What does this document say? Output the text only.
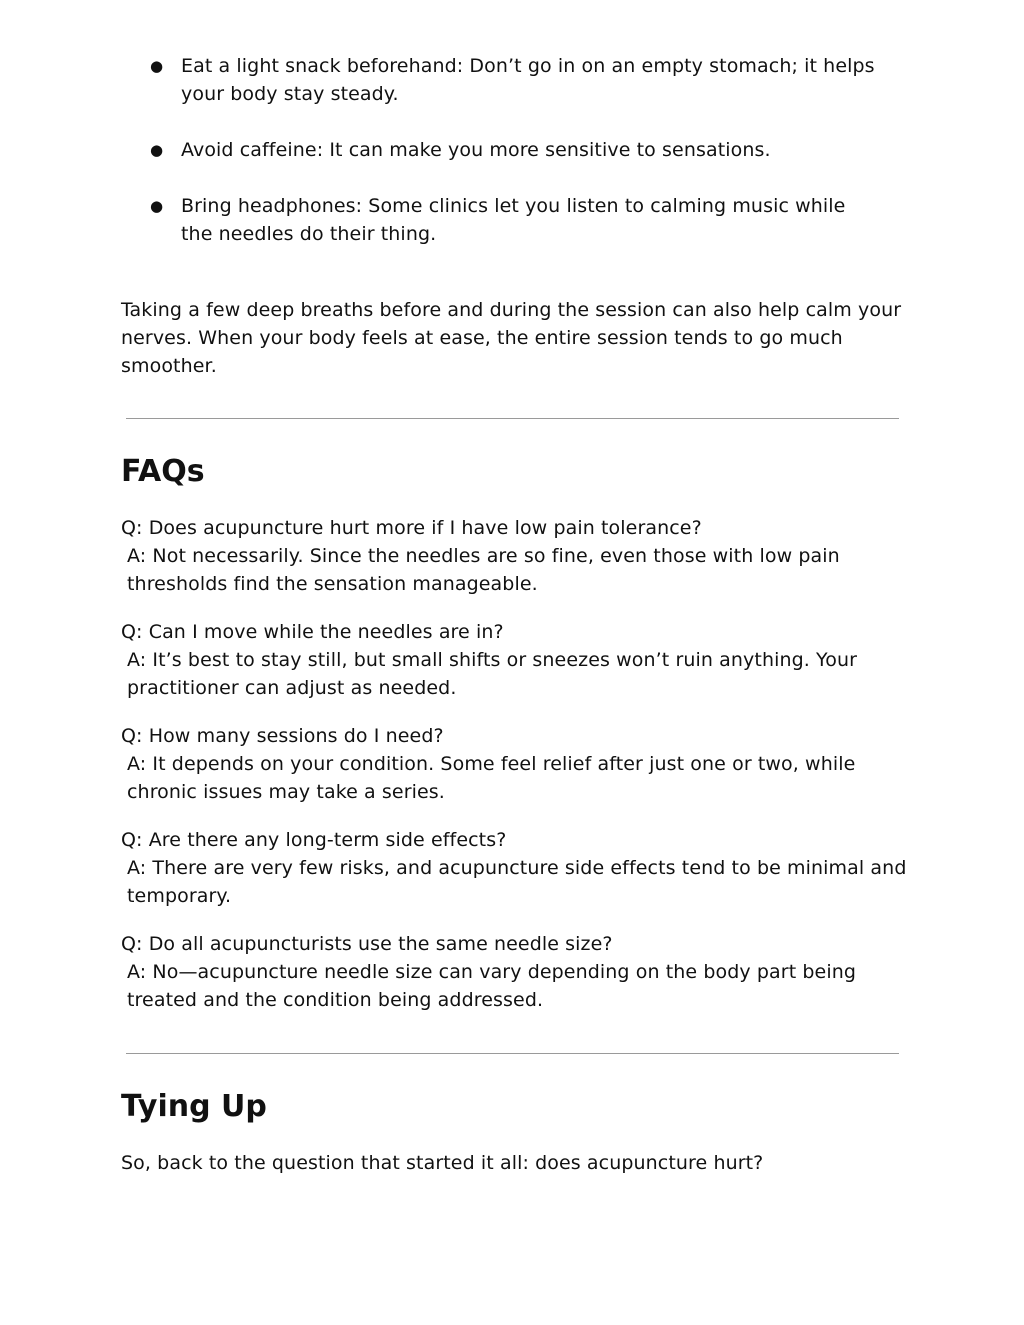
● Eat a light snack beforehand: Don’t go in on an empty stomach; it helps your body stay steady.
● Avoid caffeine: It can make you more sensitive to sensations.
● Bring headphones: Some clinics let you listen to calming music while the needles do their thing.

Taking a few deep breaths before and during the session can also help calm your nerves. When your body feels at ease, the entire session tends to go much smoother.

FAQs
Q: Does acupuncture hurt more if I have low pain tolerance?
A: Not necessarily. Since the needles are so fine, even those with low pain thresholds find the sensation manageable.
Q: Can I move while the needles are in?
A: It’s best to stay still, but small shifts or sneezes won’t ruin anything. Your practitioner can adjust as needed.
Q: How many sessions do I need?
A: It depends on your condition. Some feel relief after just one or two, while chronic issues may take a series.
Q: Are there any long-term side effects?
A: There are very few risks, and acupuncture side effects tend to be minimal and temporary.
Q: Do all acupuncturists use the same needle size?
A: No—acupuncture needle size can vary depending on the body part being treated and the condition being addressed.
Tying Up

So, back to the question that started it all: does acupuncture hurt?
